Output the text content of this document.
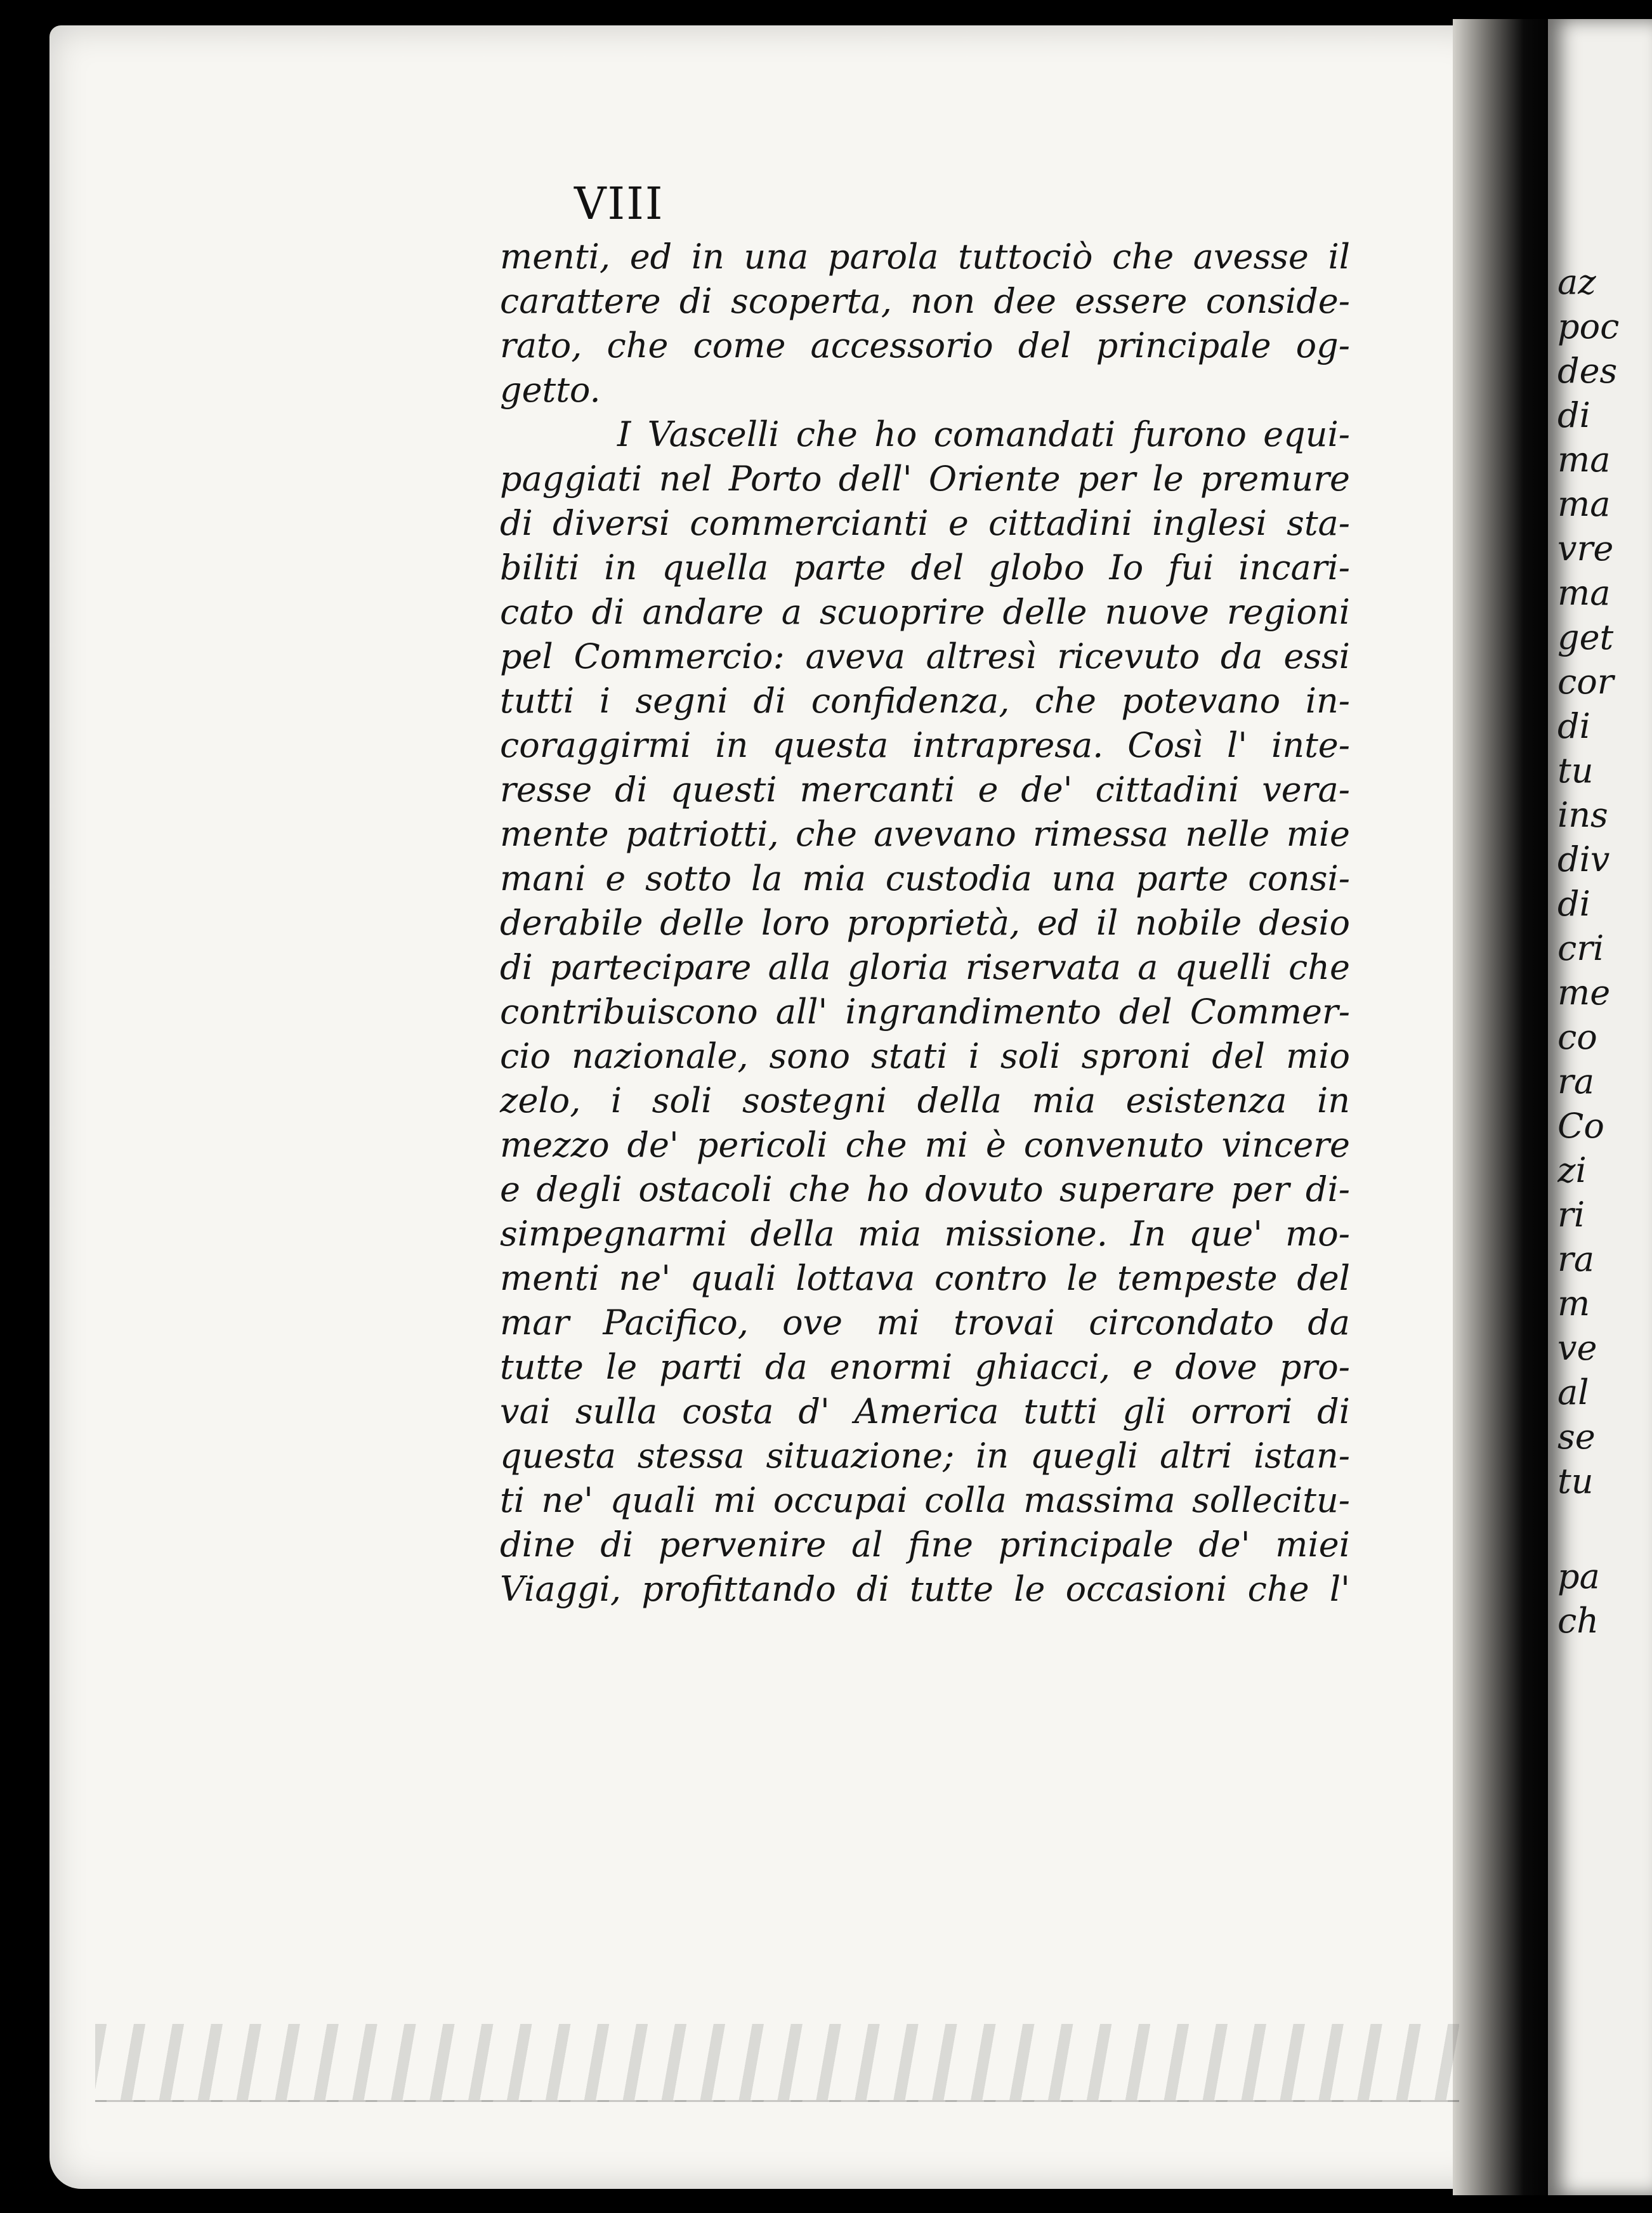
VIII
menti, ed in una parola tuttociò che avesse il
carattere di scoperta, non dee essere conside-
rato, che come accessorio del principale og-
getto.
I Vascelli che ho comandati furono equi-
paggiati nel Porto dell' Oriente per le premure
di diversi commercianti e cittadini inglesi sta-
biliti in quella parte del globo Io fui incari-
cato di andare a scuoprire delle nuove regioni
pel Commercio: aveva altresì ricevuto da essi
tutti i segni di confidenza, che potevano in-
coraggirmi in questa intrapresa. Così l' inte-
resse di questi mercanti e de' cittadini vera-
mente patriotti, che avevano rimessa nelle mie
mani e sotto la mia custodia una parte consi-
derabile delle loro proprietà, ed il nobile desio
di partecipare alla gloria riservata a quelli che
contribuiscono all' ingrandimento del Commer-
cio nazionale, sono stati i soli sproni del mio
zelo, i soli sostegni della mia esistenza in
mezzo de' pericoli che mi è convenuto vincere
e degli ostacoli che ho dovuto superare per di-
simpegnarmi della mia missione. In que' mo-
menti ne' quali lottava contro le tempeste del
mar Pacifico, ove mi trovai circondato da
tutte le parti da enormi ghiacci, e dove pro-
vai sulla costa d' America tutti gli orrori di
questa stessa situazione; in quegli altri istan-
ti ne' quali mi occupai colla massima sollecitu-
dine di pervenire al fine principale de' miei
Viaggi, profittando di tutte le occasioni che l'
az
poc
des
di
ma
ma
vre
ma
get
cor
di
tu
ins
div
di
cri
me
co
ra
Co
zi
ri
ra
m
ve
al
se
tu
pa
ch
